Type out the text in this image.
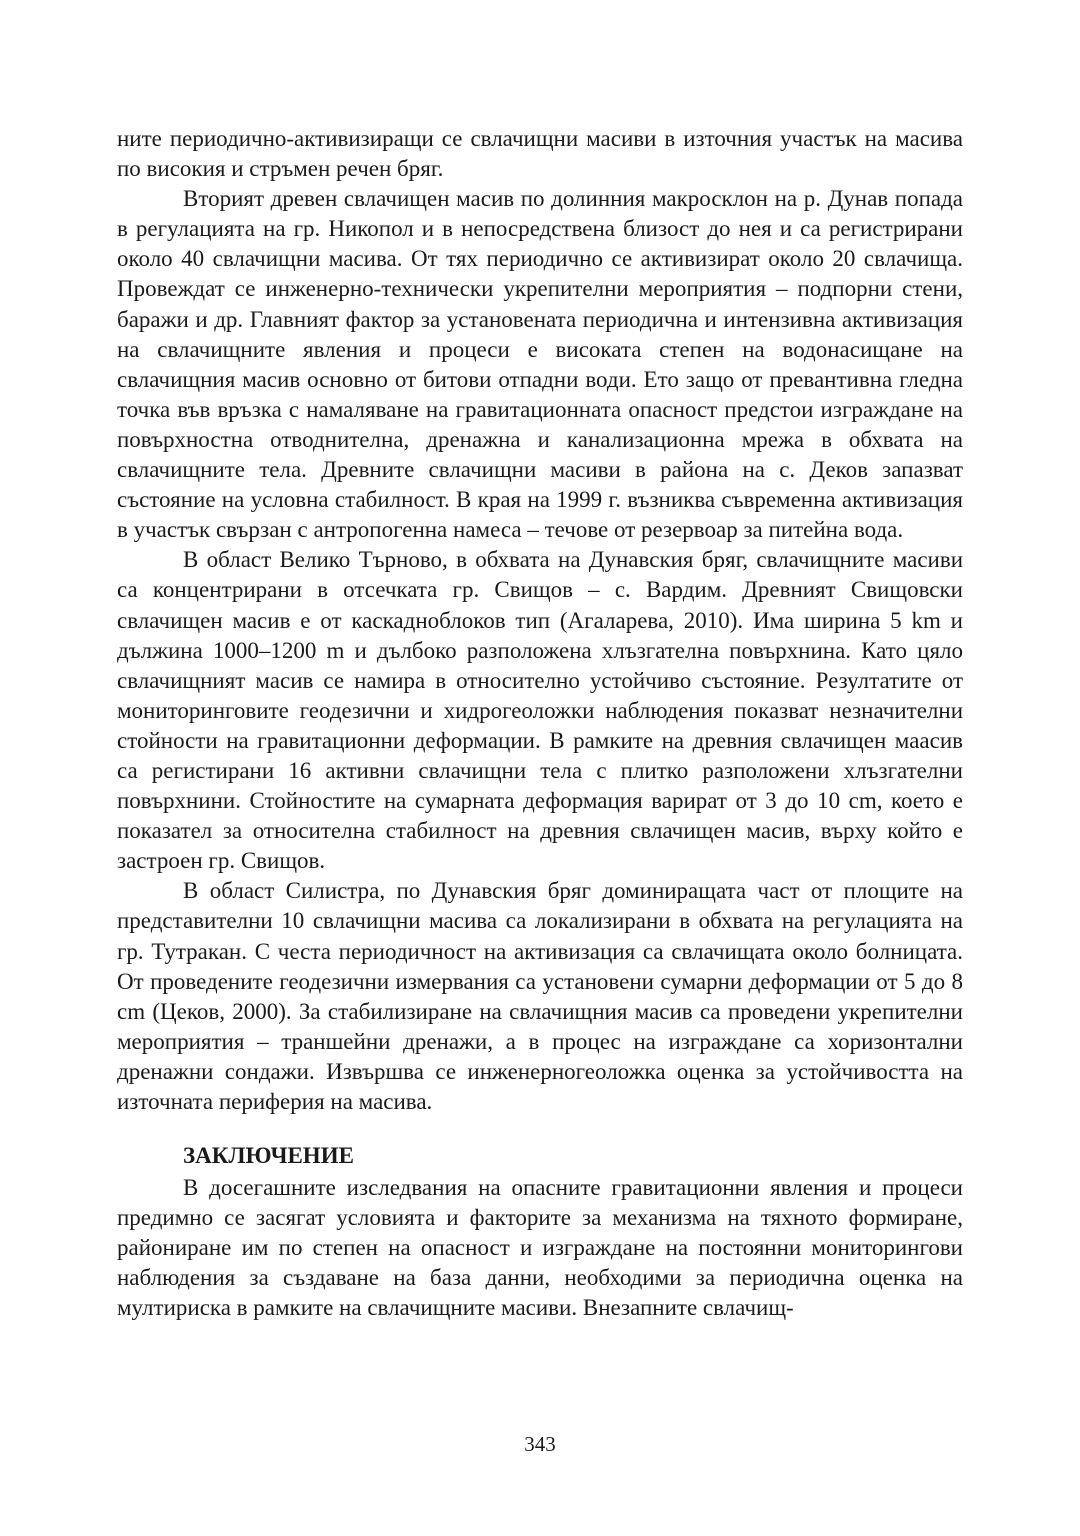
ните периодично-активизиращи се свлачищни масиви в източния участък на масива по високия и стръмен речен бряг.

Вторият древен свлачищен масив по долинния макросклон на р. Дунав попада в регулацията на гр. Никопол и в непосредствена близост до нея и са регистрирани около 40 свлачищни масива. От тях периодично се активизират около 20 свлачища. Провеждат се инженерно-технически укрепителни мероприятия – подпорни стени, баражи и др. Главният фактор за установената периодична и интензивна активизация на свлачищните явления и процеси е високата степен на водонасищане на свлачищния масив основно от битови отпадни води. Ето защо от превантивна гледна точка във връзка с намаляване на гравитационната опасност предстои изграждане на повърхностна отводнителна, дренажна и канализационна мрежа в обхвата на свлачищните тела. Древните свлачищни масиви в района на с. Деков запазват състояние на условна стабилност. В края на 1999 г. възниква съвременна активизация в участък свързан с антропогенна намеса – течове от резервоар за питейна вода.

В област Велико Търново, в обхвата на Дунавския бряг, свлачищните масиви са концентрирани в отсечката гр. Свищов – с. Вардим. Древният Свищовски свлачищен масив е от каскадноблоков тип (Агаларева, 2010). Има ширина 5 km и дължина 1000–1200 m и дълбоко разположена хлъзгателна повърхнина. Като цяло свлачищният масив се намира в относително устойчиво състояние. Резултатите от мониторинговите геодезични и хидрогеоложки наблюдения показват незначителни стойности на гравитационни деформации. В рамките на древния свлачищен маасив са регистирани 16 активни свлачищни тела с плитко разположени хлъзгателни повърхнини. Стойностите на сумарната деформация варират от 3 до 10 cm, което е показател за относителна стабилност на древния свлачищен масив, върху който е застроен гр. Свищов.

В област Силистра, по Дунавския бряг доминиращата част от площите на представителни 10 свлачищни масива са локализирани в обхвата на регулацията на гр. Тутракан. С честа периодичност на активизация са свлачищата около болницата. От проведените геодезични измервания са установени сумарни деформации от 5 до 8 cm (Цеков, 2000). За стабилизиране на свлачищния масив са проведени укрепителни мероприятия – траншейни дренажи, а в процес на изграждане са хоризонтални дренажни сондажи. Извършва се инженерногеоложка оценка за устойчивостта на източната периферия на масива.

ЗАКЛЮЧЕНИЕ

В досегашните изследвания на опасните гравитационни явления и процеси предимно се засягат условията и факторите за механизма на тяхното формиране, райониране им по степен на опасност и изграждане на постоянни мониторингови наблюдения за създаване на база данни, необходими за периодична оценка на мултириска в рамките на свлачищните масиви. Внезапните свлачищ-

343
